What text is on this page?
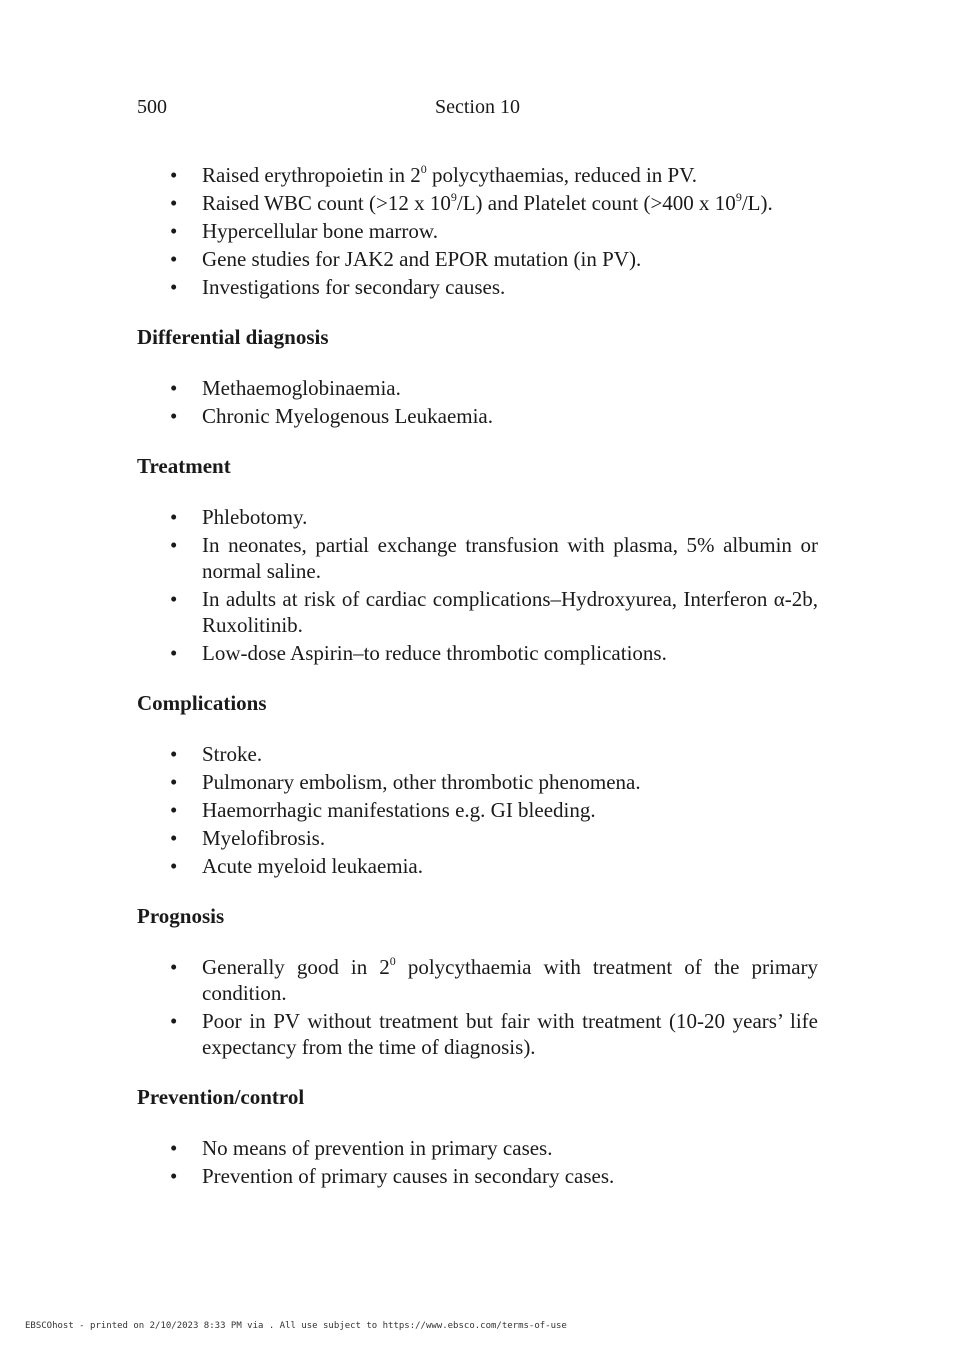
500	Section 10
• Raised erythropoietin in $2^0$ polycythaemias, reduced in PV.
• Raised WBC count (>12 x $10^9/L$) and Platelet count (>400 x $10^9/L$).
• Hypercellular bone marrow.
• Gene studies for JAK2 and EPOR mutation (in PV).
• Investigations for secondary causes.
Differential diagnosis
• Methaemoglobinaemia.
• Chronic Myelogenous Leukaemia.
Treatment
• Phlebotomy.
• In neonates, partial exchange transfusion with plasma, 5% albumin or normal saline.
• In adults at risk of cardiac complications–Hydroxyurea, Interferon α-2b, Ruxolitinib.
• Low-dose Aspirin–to reduce thrombotic complications.
Complications
• Stroke.
• Pulmonary embolism, other thrombotic phenomena.
• Haemorrhagic manifestations e.g. GI bleeding.
• Myelofibrosis.
• Acute myeloid leukaemia.
Prognosis
• Generally good in $2^0$ polycythaemia with treatment of the primary condition.
• Poor in PV without treatment but fair with treatment (10-20 years’ life expectancy from the time of diagnosis).
Prevention/control
• No means of prevention in primary cases.
• Prevention of primary causes in secondary cases.
EBSCOhost - printed on 2/10/2023 8:33 PM via . All use subject to https://www.ebsco.com/terms-of-use
